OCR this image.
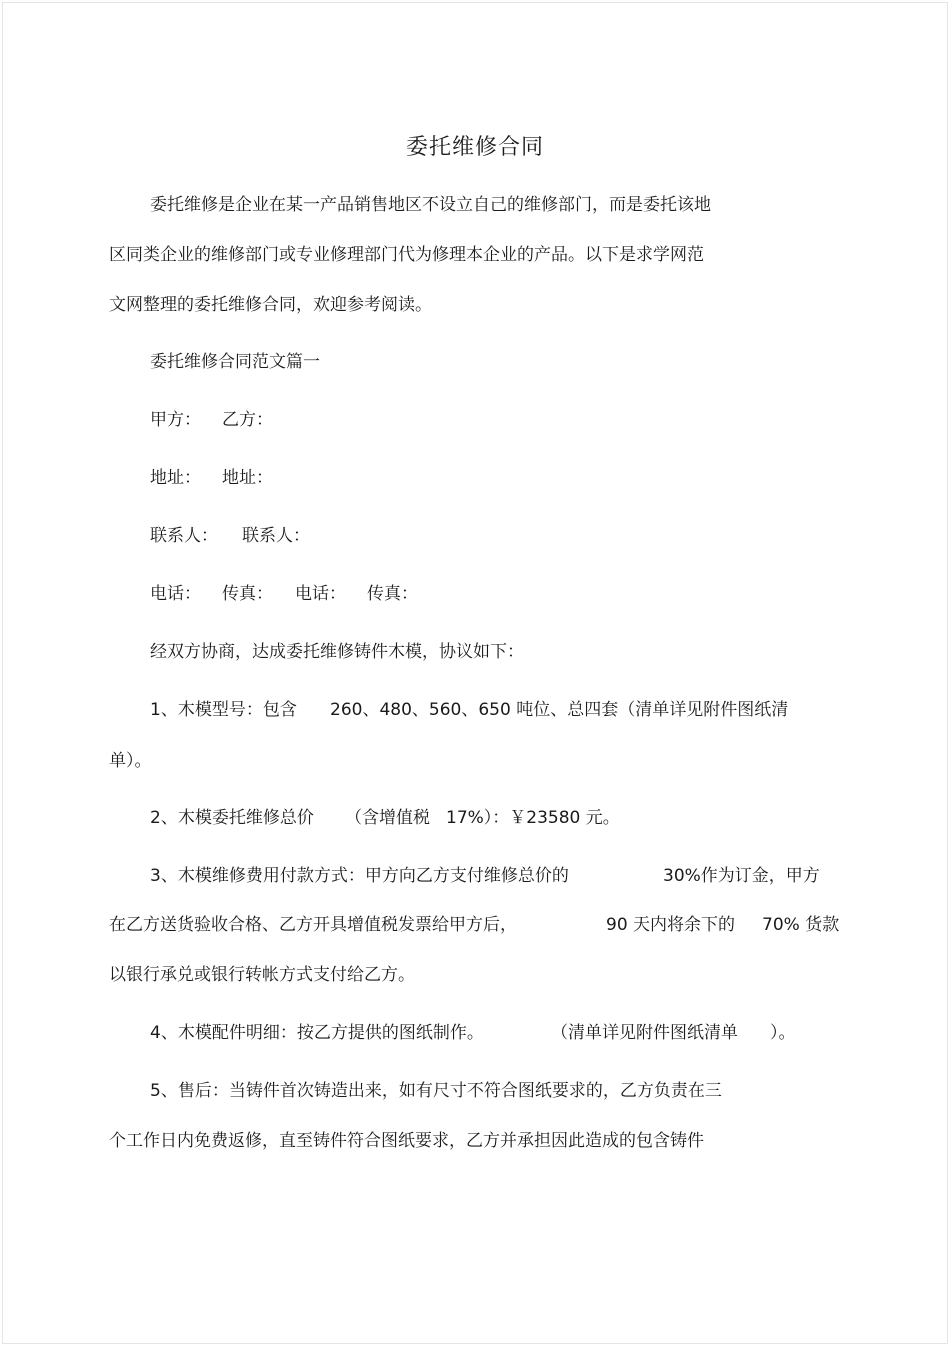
委托维修合同
委托维修是企业在某一产品销售地区不设立自己的维修部门，而是委托该地
区同类企业的维修部门或专业修理部门代为修理本企业的产品。以下是求学网范
文网整理的委托维修合同，欢迎参考阅读。
委托维修合同范文篇一
甲方： 乙方：
地址： 地址：
联系人： 联系人：
电话： 传真： 电话： 传真：
经双方协商，达成委托维修铸件木模，协议如下：
1、木模型号：包含 260、480、560、650 吨位、总四套（清单详见附件图纸清
单）。
2、木模委托维修总价 （含增值税 17%）：￥23580 元。
3、木模维修费用付款方式：甲方向乙方支付维修总价的	30%作为订金，甲方
在乙方送货验收合格、乙方开具增值税发票给甲方后，	90 天内将余下的 70% 货款
以银行承兑或银行转帐方式支付给乙方。
4、木模配件明细：按乙方提供的图纸制作。	（清单详见附件图纸清单 ）。
5、售后：当铸件首次铸造出来，如有尺寸不符合图纸要求的，乙方负责在三
个工作日内免费返修，直至铸件符合图纸要求，乙方并承担因此造成的包含铸件
